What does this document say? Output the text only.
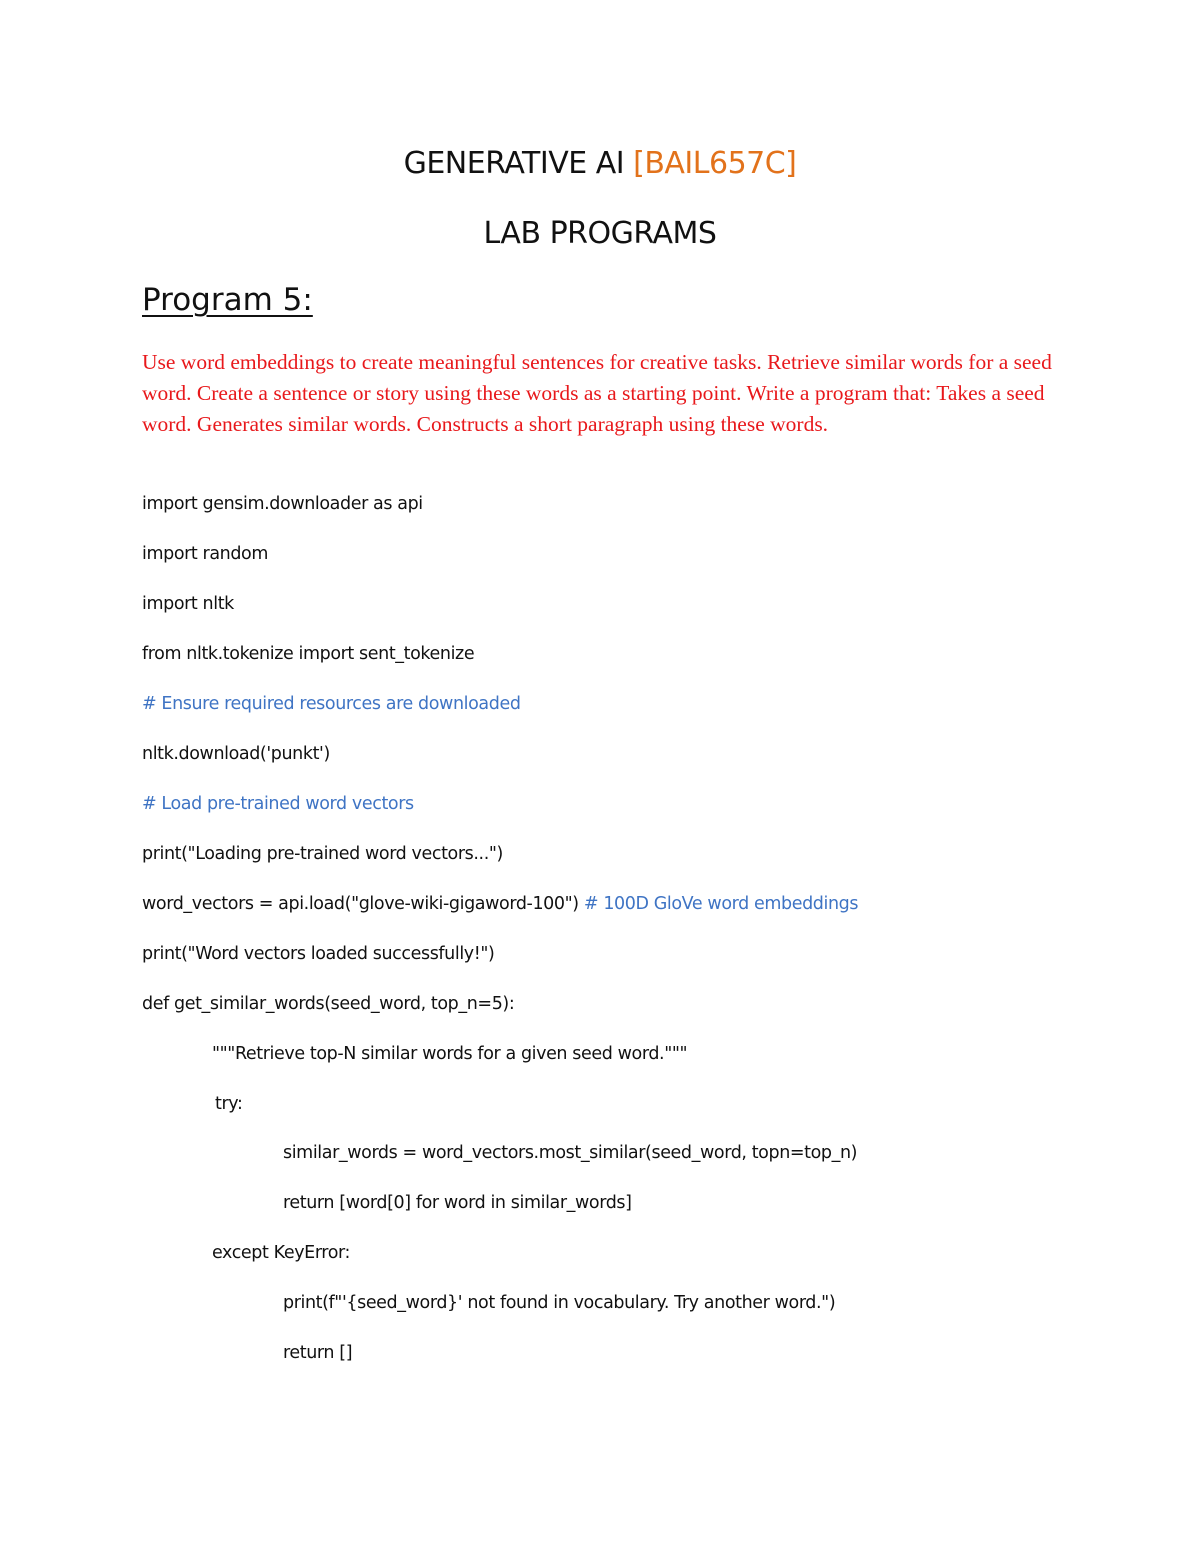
GENERATIVE AI [BAIL657C]
LAB PROGRAMS
Program 5:
Use word embeddings to create meaningful sentences for creative tasks. Retrieve similar words for a seed word. Create a sentence or story using these words as a starting point. Write a program that: Takes a seed word. Generates similar words. Constructs a short paragraph using these words.
import gensim.downloader as api
import random
import nltk
from nltk.tokenize import sent_tokenize
# Ensure required resources are downloaded
nltk.download('punkt')
# Load pre-trained word vectors
print("Loading pre-trained word vectors...")
word_vectors = api.load("glove-wiki-gigaword-100") # 100D GloVe word embeddings
print("Word vectors loaded successfully!")
def get_similar_words(seed_word, top_n=5):
"""Retrieve top-N similar words for a given seed word."""
try:
similar_words = word_vectors.most_similar(seed_word, topn=top_n)
return [word[0] for word in similar_words]
except KeyError:
print(f"'{seed_word}' not found in vocabulary. Try another word.")
return []
